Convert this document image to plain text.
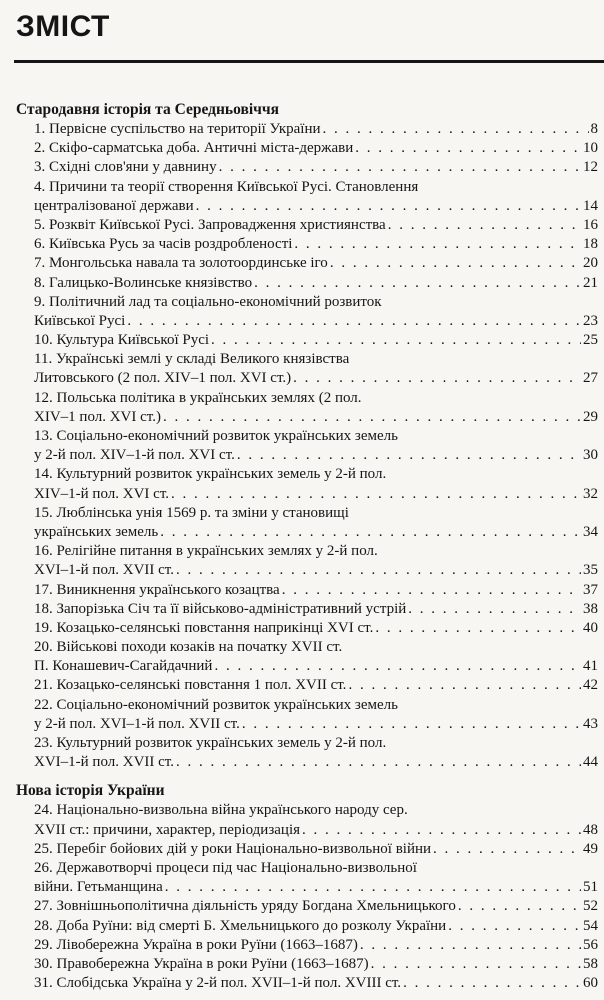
ЗМІСТ
Стародавня історія та Середньовіччя
1. Первісне суспільство на території України . . .	8
2. Скіфо-сарматська доба. Античні міста-держави . . .	10
3. Східні слов'яни у давнину . . .	12
4. Причини та теорії створення Київської Русі. Становлення
централізованої держави . . .	14
5. Розквіт Київської Русі. Запровадження християнства . . .	16
6. Київська Русь за часів роздробленості . . .	18
7. Монгольська навала та золотоординське іго . . .	20
8. Галицько-Волинське князівство . . .	21
9. Політичний лад та соціально-економічний розвиток
Київської Русі . . .	23
10. Культура Київської Русі . . .	25
11. Українські землі у складі Великого князівства
Литовського (2 пол. XIV–1 пол. XVI ст.) . . .	27
12. Польська політика в українських землях (2 пол.
XIV–1 пол. XVI ст.) . . .	29
13. Соціально-економічний розвиток українських земель
у 2-й пол. XIV–1-й пол. XVI ст. . . .	30
14. Культурний розвиток українських земель у 2-й пол.
XIV–1-й пол. XVI ст. . . .	32
15. Люблінська унія 1569 р. та зміни у становищі
українських земель . . .	34
16. Релігійне питання в українських землях у 2-й пол.
XVI–1-й пол. XVII ст. . . .	35
17. Виникнення українського козацтва . . .	37
18. Запорізька Січ та її військово-адміністративний устрій . . .	38
19. Козацько-селянські повстання наприкінці XVI ст. . . .	40
20. Військові походи козаків на початку XVII ст.
П. Конашевич-Сагайдачний . . .	41
21. Козацько-селянські повстання 1 пол. XVII ст. . . .	42
22. Соціально-економічний розвиток українських земель
у 2-й пол. XVI–1-й пол. XVII ст. . . .	43
23. Культурний розвиток українських земель у 2-й пол.
XVI–1-й пол. XVII ст. . . .	44
Нова історія України
24. Національно-визвольна війна українського народу сер.
XVII ст.: причини, характер, періодизація . . .	48
25. Перебіг бойових дій у роки Національно-визвольної війни . . .	49
26. Державотворчі процеси під час Національно-визвольної
війни. Гетьманщина . . .	51
27. Зовнішньополітична діяльність уряду Богдана Хмельницького . . .	52
28. Доба Руїни: від смерті Б. Хмельницького до розколу України . . .	54
29. Лівобережна Україна в роки Руїни (1663–1687) . . .	56
30. Правобережна Україна в роки Руїни (1663–1687) . . .	58
31. Слобідська Україна у 2-й пол. XVII–1-й пол. XVIII ст. . . .	60
